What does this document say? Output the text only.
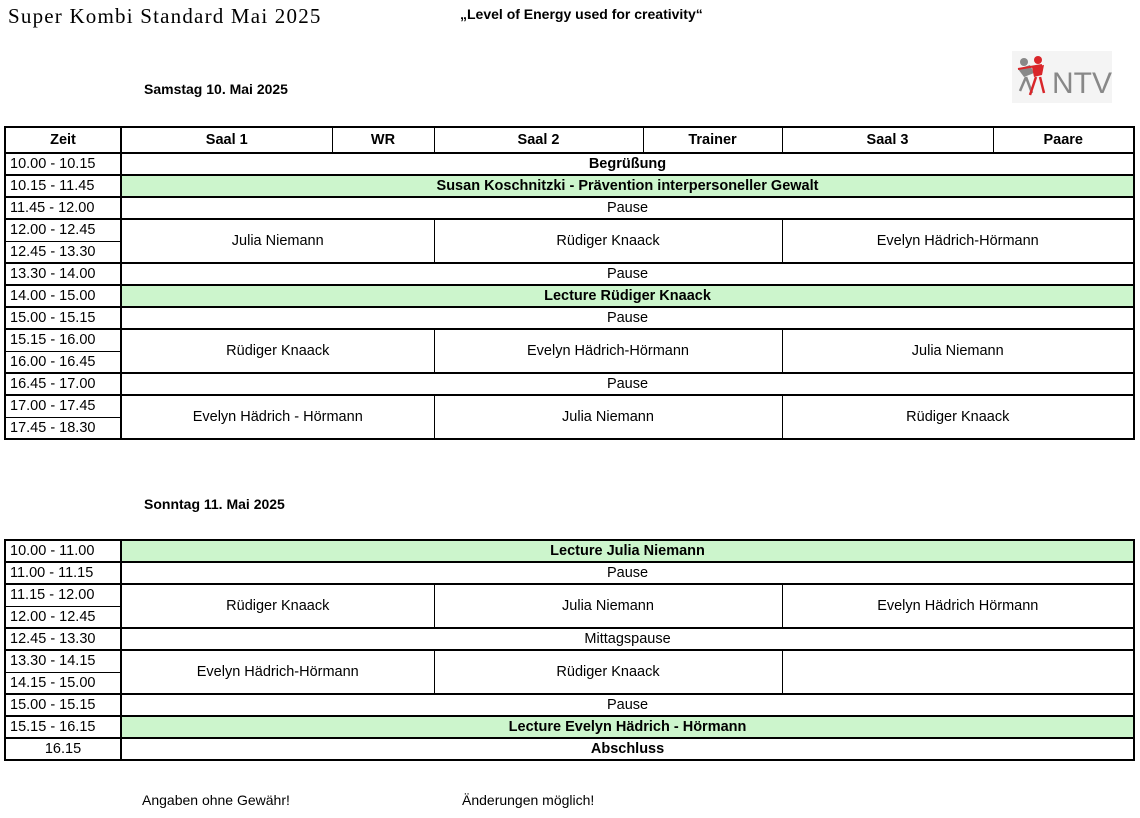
Super Kombi Standard Mai 2025	„Level of Energy used for creativity“
NTV
Samstag 10. Mai 2025
Zeit	Saal 1	WR	Saal 2	Trainer	Saal 3	Paare
10.00 - 10.15	Begrüßung					
10.15 - 11.45	Susan Koschnitzki - Prävention interpersoneller Gewalt					
11.45 - 12.00	Pause					
12.00 - 12.45	Julia Niemann		Rüdiger Knaack		Evelyn Hädrich-Hörmann	
12.45 - 13.30						
13.30 - 14.00	Pause					
14.00 - 15.00	Lecture Rüdiger Knaack					
15.00 - 15.15	Pause					
15.15 - 16.00	Rüdiger Knaack		Evelyn Hädrich-Hörmann		Julia Niemann	
16.00 - 16.45						
16.45 - 17.00	Pause					
17.00 - 17.45	Evelyn Hädrich - Hörmann		Julia Niemann		Rüdiger Knaack	
17.45 - 18.30						
Sonntag 11. Mai 2025
10.00 - 11.00	Lecture Julia Niemann		
11.00 - 11.15	Pause		
11.15 - 12.00	Rüdiger Knaack	Julia Niemann	Evelyn Hädrich Hörmann
12.00 - 12.45			
12.45 - 13.30	Mittagspause		
13.30 - 14.15	Evelyn Hädrich-Hörmann	Rüdiger Knaack	
14.15 - 15.00			
15.00 - 15.15	Pause		
15.15 - 16.15	Lecture Evelyn Hädrich - Hörmann		
16.15	Abschluss		
Angaben ohne Gewähr!	Änderungen möglich!
